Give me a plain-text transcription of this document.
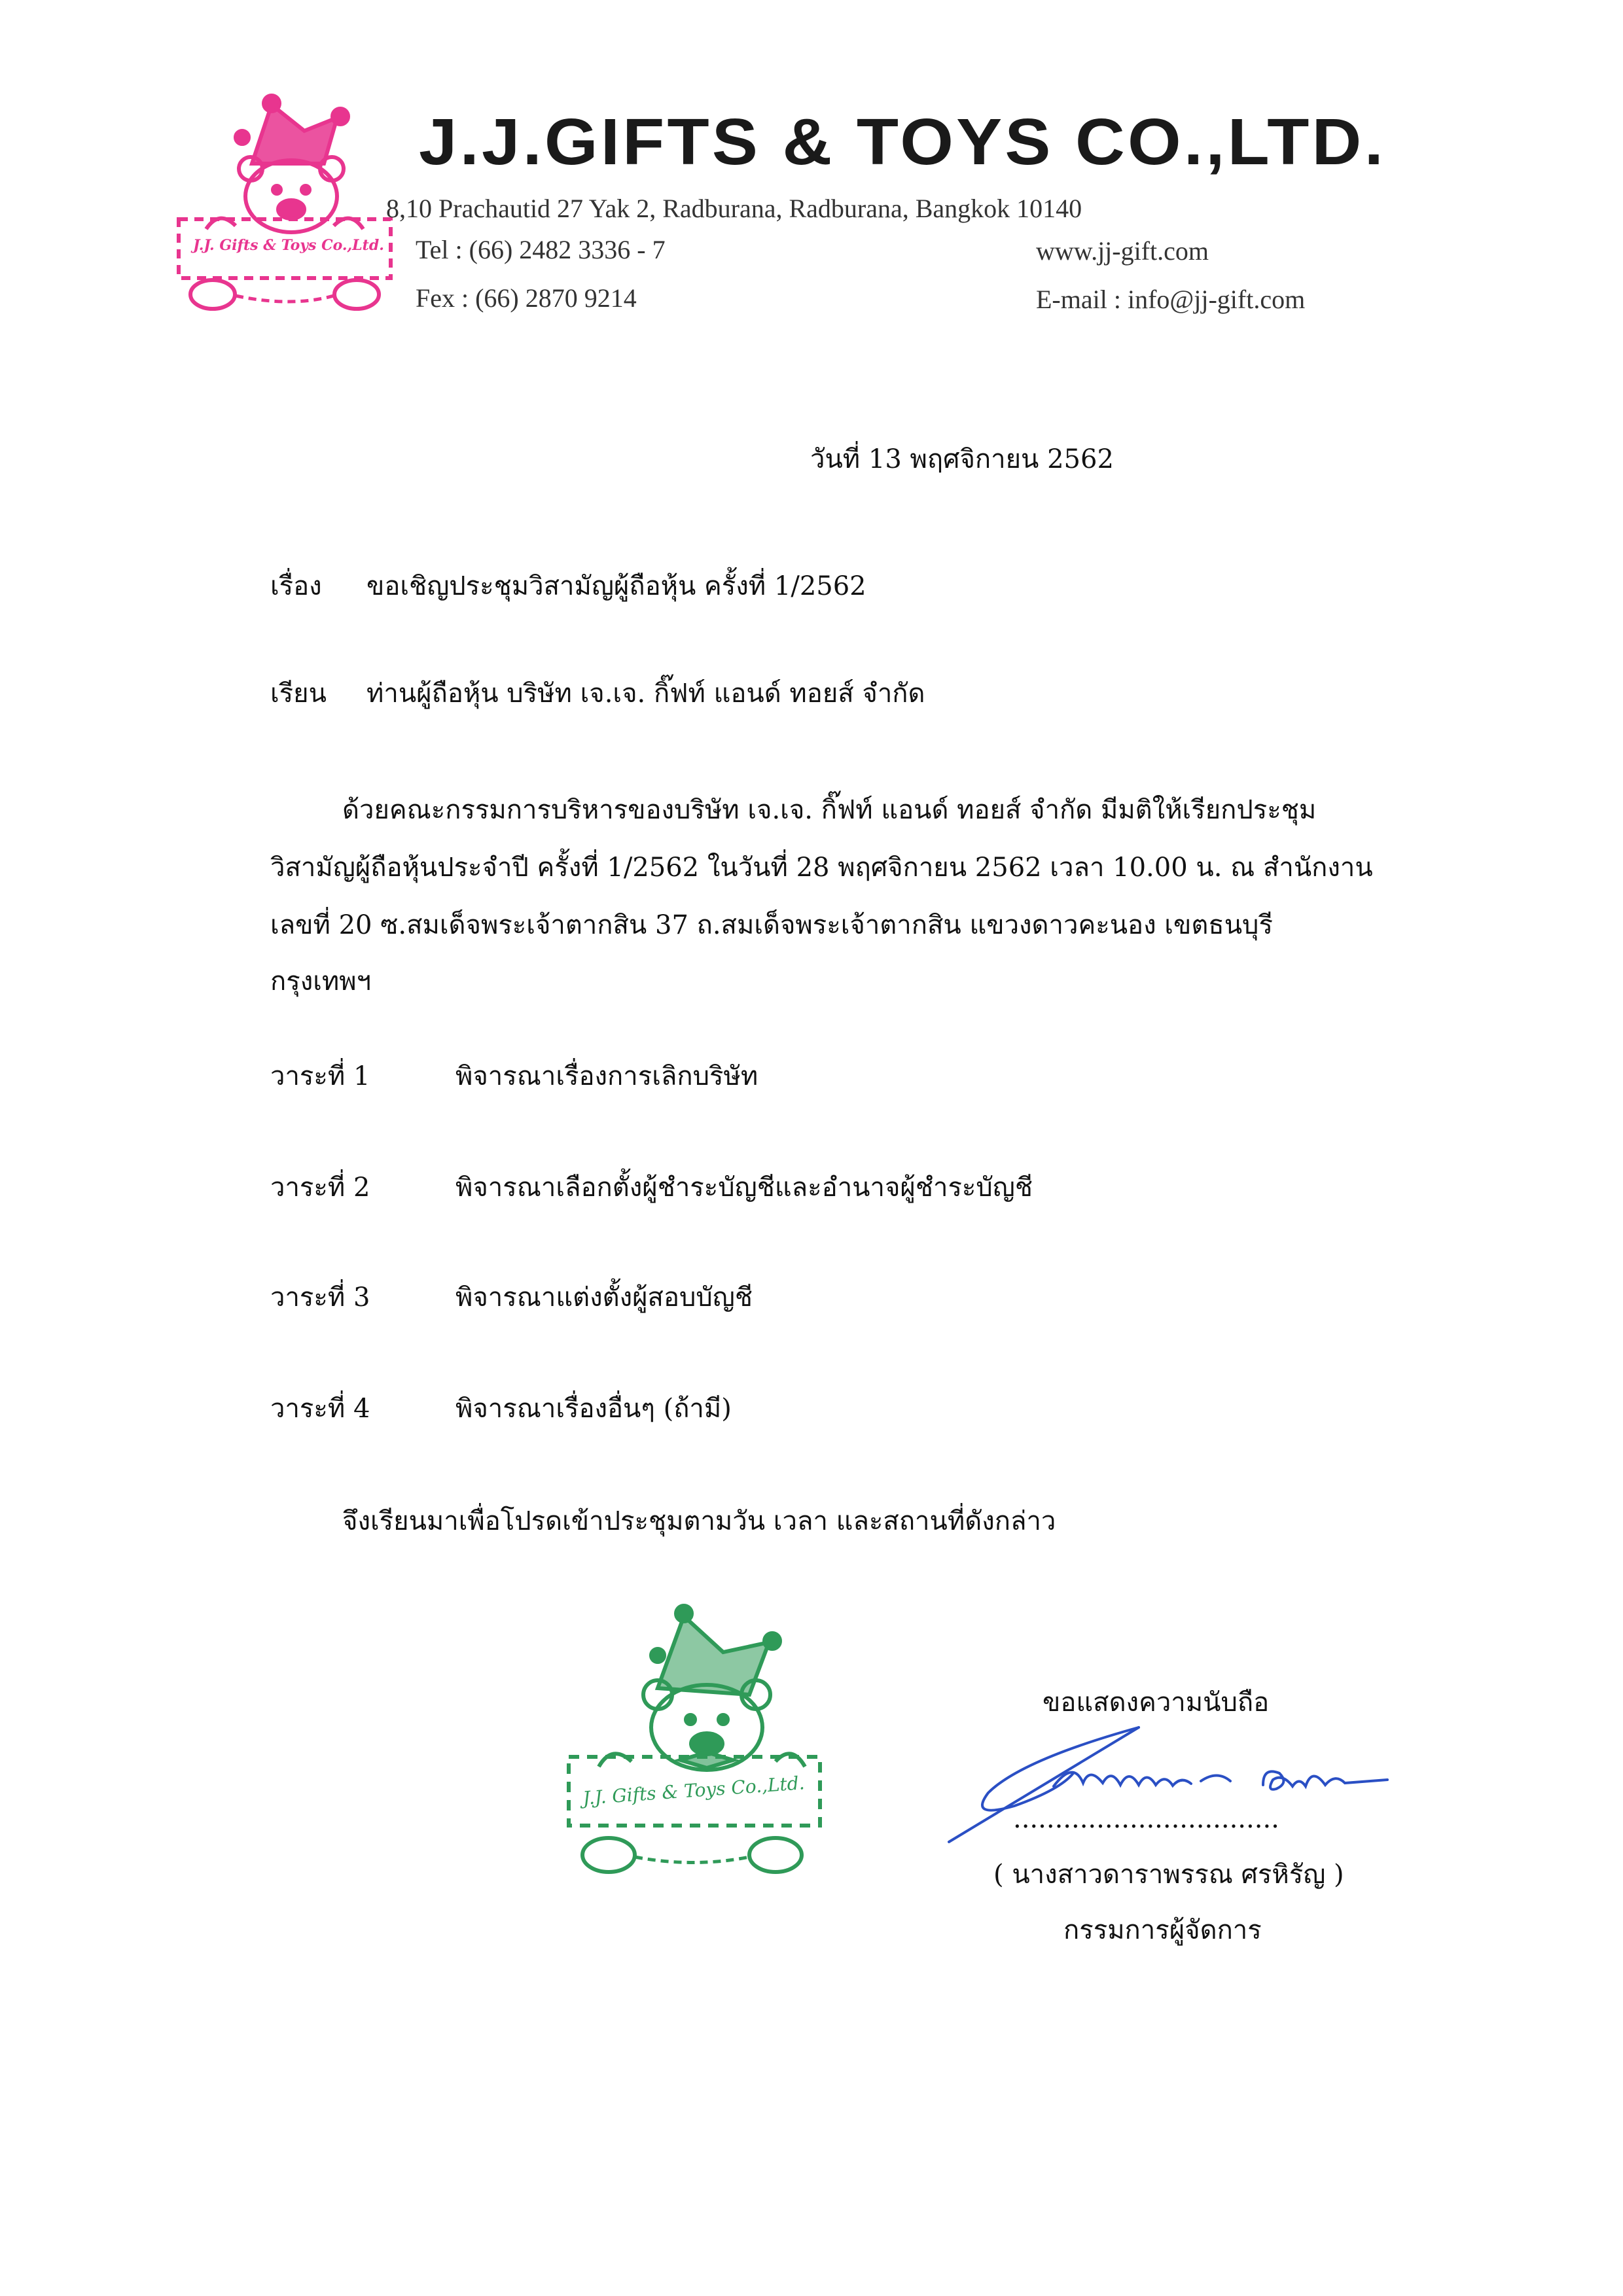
J.J. Gifts & Toys Co.,Ltd.
J.J.GIFTS & TOYS CO.,LTD.
8,10 Prachautid 27 Yak 2, Radburana, Radburana, Bangkok 10140
Tel : (66) 2482 3336 - 7
Fex : (66) 2870 9214
www.jj-gift.com
E-mail : info@jj-gift.com
วันที่ 13 พฤศจิกายน 2562
เรื่อง ขอเชิญประชุมวิสามัญผู้ถือหุ้น ครั้งที่ 1/2562
เรียน ท่านผู้ถือหุ้น บริษัท เจ.เจ. กิ๊ฟท์ แอนด์ ทอยส์ จำกัด
ด้วยคณะกรรมการบริหารของบริษัท เจ.เจ. กิ๊ฟท์ แอนด์ ทอยส์ จำกัด มีมติให้เรียกประชุม
วิสามัญผู้ถือหุ้นประจำปี ครั้งที่ 1/2562 ในวันที่ 28 พฤศจิกายน 2562 เวลา 10.00 น. ณ สำนักงาน
เลขที่ 20 ซ.สมเด็จพระเจ้าตากสิน 37 ถ.สมเด็จพระเจ้าตากสิน แขวงดาวคะนอง เขตธนบุรี
กรุงเทพฯ
วาระที่ 1	พิจารณาเรื่องการเลิกบริษัท
วาระที่ 2	พิจารณาเลือกตั้งผู้ชำระบัญชีและอำนาจผู้ชำระบัญชี
วาระที่ 3	พิจารณาแต่งตั้งผู้สอบบัญชี
วาระที่ 4	พิจารณาเรื่องอื่นๆ (ถ้ามี)
จึงเรียนมาเพื่อโปรดเข้าประชุมตามวัน เวลา และสถานที่ดังกล่าว
J.J. Gifts & Toys Co.,Ltd.
ขอแสดงความนับถือ
................................
( นางสาวดาราพรรณ ศรหิรัญ )
กรรมการผู้จัดการ
